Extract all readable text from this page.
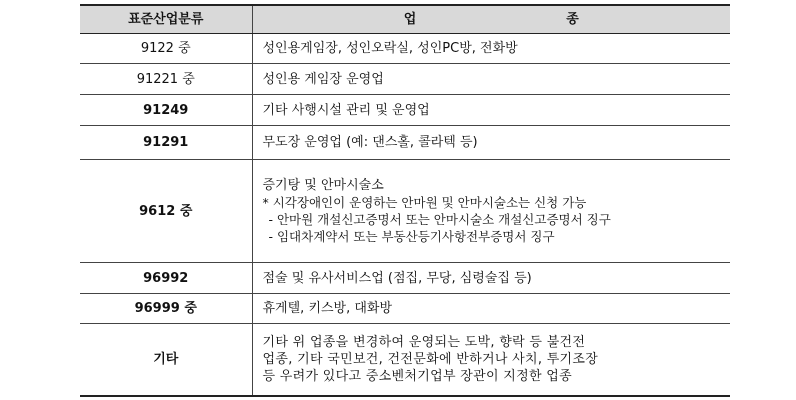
표준산업분류	업 종

9122 중	성인용게임장, 성인오락실, 성인PC방, 전화방
91221 중	성인용 게임장 운영업
91249	기타 사행시설 관리 및 운영업
91291	무도장 운영업 (예: 댄스홀, 콜라텍 등)
9612 중	증기탕 및 안마시술소
* 시각장애인이 운영하는 안마원 및 안마시술소는 신청 가능
- 안마원 개설신고증명서 또는 안마시술소 개설신고증명서 징구
- 임대차계약서 또는 부동산등기사항전부증명서 징구

96992	점술 및 유사서비스업 (점집, 무당, 심령술집 등)
96999 중	휴게텔, 키스방, 대화방
기타	기타 위 업종을 변경하여 운영되는 도박, 향락 등 불건전
업종, 기타 국민보건, 건전문화에 반하거나 사치, 투기조장
등 우려가 있다고 중소벤처기업부 장관이 지정한 업종
